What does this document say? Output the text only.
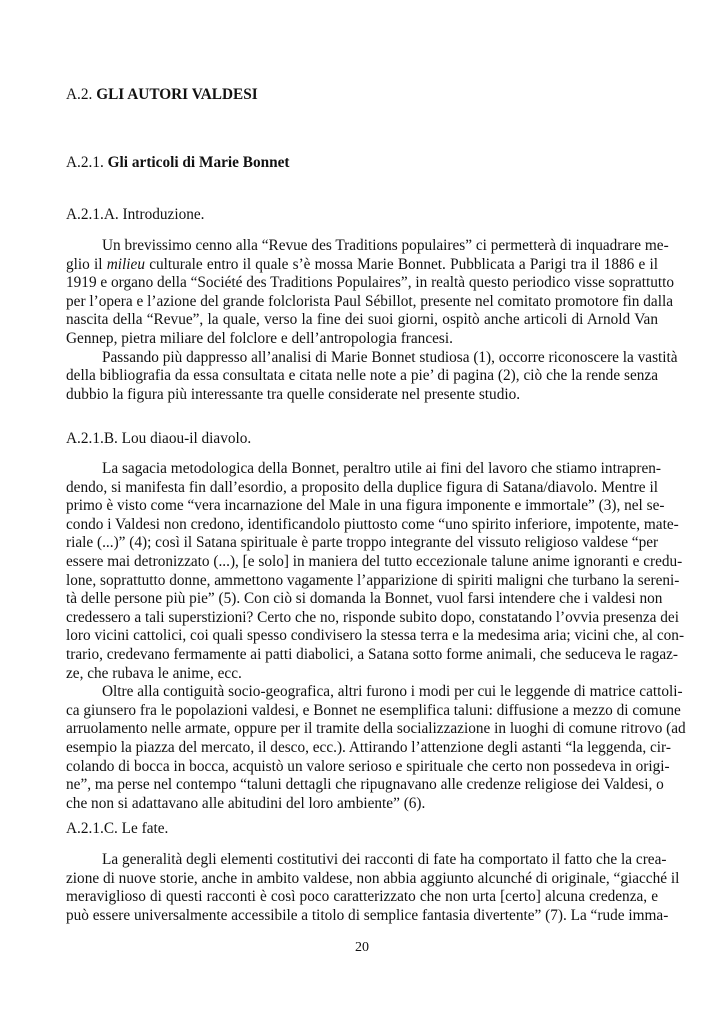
A.2. GLI AUTORI VALDESI
A.2.1. Gli articoli di Marie Bonnet
A.2.1.A. Introduzione.
Un brevissimo cenno alla “Revue des Traditions populaires” ci permetterà di inquadrare me-
glio il milieu culturale entro il quale s’è mossa Marie Bonnet. Pubblicata a Parigi tra il 1886 e il
1919 e organo della “Société des Traditions Populaires”, in realtà questo periodico visse soprattutto
per l’opera e l’azione del grande folclorista Paul Sébillot, presente nel comitato promotore fin dalla
nascita della “Revue”, la quale, verso la fine dei suoi giorni, ospitò anche articoli di Arnold Van
Gennep, pietra miliare del folclore e dell’antropologia francesi.
Passando più dappresso all’analisi di Marie Bonnet studiosa (1), occorre riconoscere la vastità
della bibliografia da essa consultata e citata nelle note a pie’ di pagina (2), ciò che la rende senza
dubbio la figura più interessante tra quelle considerate nel presente studio.
A.2.1.B. Lou diaou-il diavolo.
La sagacia metodologica della Bonnet, peraltro utile ai fini del lavoro che stiamo intrapren-
dendo, si manifesta fin dall’esordio, a proposito della duplice figura di Satana/diavolo. Mentre il
primo è visto come “vera incarnazione del Male in una figura imponente e immortale” (3), nel se-
condo i Valdesi non credono, identificandolo piuttosto come “uno spirito inferiore, impotente, mate-
riale (...)” (4); così il Satana spirituale è parte troppo integrante del vissuto religioso valdese “per
essere mai detronizzato (...), [e solo] in maniera del tutto eccezionale talune anime ignoranti e credu-
lone, soprattutto donne, ammettono vagamente l’apparizione di spiriti maligni che turbano la sereni-
tà delle persone più pie” (5). Con ciò si domanda la Bonnet, vuol farsi intendere che i valdesi non
credessero a tali superstizioni? Certo che no, risponde subito dopo, constatando l’ovvia presenza dei
loro vicini cattolici, coi quali spesso condivisero la stessa terra e la medesima aria; vicini che, al con-
trario, credevano fermamente ai patti diabolici, a Satana sotto forme animali, che seduceva le ragaz-
ze, che rubava le anime, ecc.
Oltre alla contiguità socio-geografica, altri furono i modi per cui le leggende di matrice cattoli-
ca giunsero fra le popolazioni valdesi, e Bonnet ne esemplifica taluni: diffusione a mezzo di comune
arruolamento nelle armate, oppure per il tramite della socializzazione in luoghi di comune ritrovo (ad
esempio la piazza del mercato, il desco, ecc.). Attirando l’attenzione degli astanti “la leggenda, cir-
colando di bocca in bocca, acquistò un valore serioso e spirituale che certo non possedeva in origi-
ne”, ma perse nel contempo “taluni dettagli che ripugnavano alle credenze religiose dei Valdesi, o
che non si adattavano alle abitudini del loro ambiente” (6).
A.2.1.C. Le fate.
La generalità degli elementi costitutivi dei racconti di fate ha comportato il fatto che la crea-
zione di nuove storie, anche in ambito valdese, non abbia aggiunto alcunché di originale, “giacché il
meraviglioso di questi racconti è così poco caratterizzato che non urta [certo] alcuna credenza, e
può essere universalmente accessibile a titolo di semplice fantasia divertente” (7). La “rude imma-
20
